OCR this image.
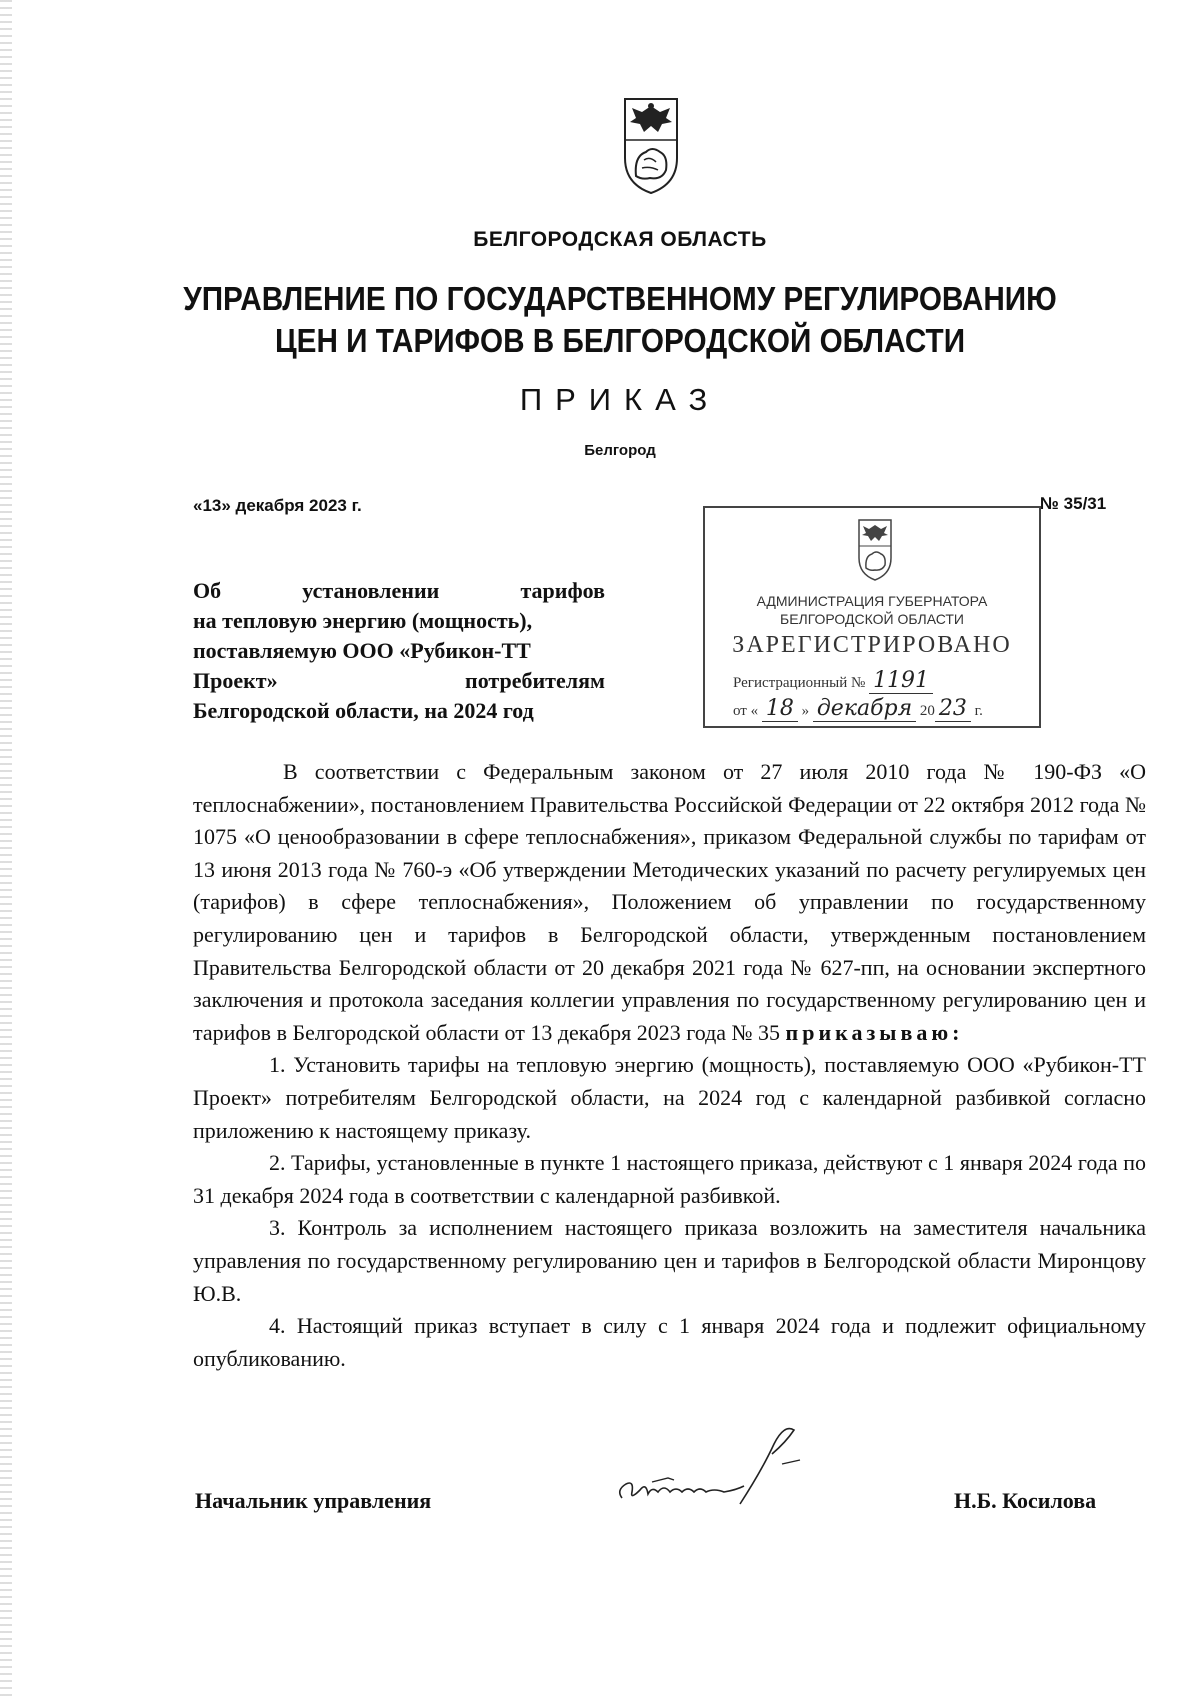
БЕЛГОРОДСКАЯ ОБЛАСТЬ
УПРАВЛЕНИЕ ПО ГОСУДАРСТВЕННОМУ РЕГУЛИРОВАНИЮ
ЦЕН И ТАРИФОВ В БЕЛГОРОДСКОЙ ОБЛАСТИ
ПРИКАЗ
Белгород
«13» декабря 2023 г.	№ 35/31
Об установлении тарифов
на тепловую энергию (мощность),
поставляемую ООО «Рубикон-ТТ
Проект» потребителям
Белгородской области, на 2024 год
АДМИНИСТРАЦИЯ ГУБЕРНАТОРА
БЕЛГОРОДСКОЙ ОБЛАСТИ
ЗАРЕГИСТРИРОВАНО
Регистрационный № 1191
от « 18 » декабря 20 23 г.

В соответствии с Федеральным законом от 27 июля 2010 года № 190-ФЗ «О теплоснабжении», постановлением Правительства Российской Федерации от 22 октября 2012 года № 1075 «О ценообразовании в сфере теплоснабжения», приказом Федеральной службы по тарифам от 13 июня 2013 года № 760-э «Об утверждении Методических указаний по расчету регулируемых цен (тарифов) в сфере теплоснабжения», Положением об управлении по государственному регулированию цен и тарифов в Белгородской области, утвержденным постановлением Правительства Белгородской области от 20 декабря 2021 года № 627-пп, на основании экспертного заключения и протокола заседания коллегии управления по государственному регулированию цен и тарифов в Белгородской области от 13 декабря 2023 года № 35 приказываю:

1. Установить тарифы на тепловую энергию (мощность), поставляемую ООО «Рубикон-ТТ Проект» потребителям Белгородской области, на 2024 год с календарной разбивкой согласно приложению к настоящему приказу.

2. Тарифы, установленные в пункте 1 настоящего приказа, действуют с 1 января 2024 года по 31 декабря 2024 года в соответствии с календарной разбивкой.

3. Контроль за исполнением настоящего приказа возложить на заместителя начальника управления по государственному регулированию цен и тарифов в Белгородской области Миронцову Ю.В.

4. Настоящий приказ вступает в силу с 1 января 2024 года и подлежит официальному опубликованию.

Начальник управления	Н.Б. Косилова
